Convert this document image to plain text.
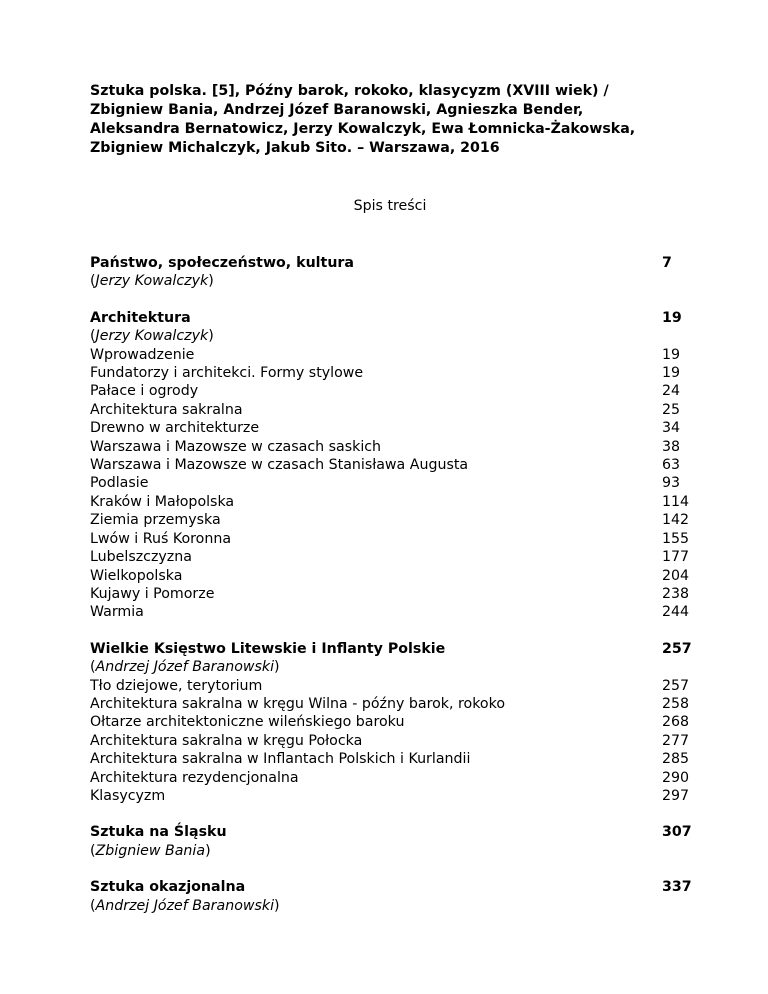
Sztuka polska. [5], Późny barok, rokoko, klasycyzm (XVIII wiek) /
Zbigniew Bania, Andrzej Józef Baranowski, Agnieszka Bender,
Aleksandra Bernatowicz, Jerzy Kowalczyk, Ewa Łomnicka-Żakowska,
Zbigniew Michalczyk, Jakub Sito. – Warszawa, 2016

Spis treści
Państwo, społeczeństwo, kultura	7
(Jerzy Kowalczyk)
Architektura	19
(Jerzy Kowalczyk)
Wprowadzenie	19
Fundatorzy i architekci. Formy stylowe	19
Pałace i ogrody	24
Architektura sakralna	25
Drewno w architekturze	34
Warszawa i Mazowsze w czasach saskich	38
Warszawa i Mazowsze w czasach Stanisława Augusta	63
Podlasie	93
Kraków i Małopolska	114
Ziemia przemyska	142
Lwów i Ruś Koronna	155
Lubelszczyzna	177
Wielkopolska	204
Kujawy i Pomorze	238
Warmia	244
Wielkie Księstwo Litewskie i Inflanty Polskie	257
(Andrzej Józef Baranowski)
Tło dziejowe, terytorium	257
Architektura sakralna w kręgu Wilna - późny barok, rokoko	258
Ołtarze architektoniczne wileńskiego baroku	268
Architektura sakralna w kręgu Połocka	277
Architektura sakralna w Inflantach Polskich i Kurlandii	285
Architektura rezydencjonalna	290
Klasycyzm	297
Sztuka na Śląsku	307
(Zbigniew Bania)
Sztuka okazjonalna	337
(Andrzej Józef Baranowski)
